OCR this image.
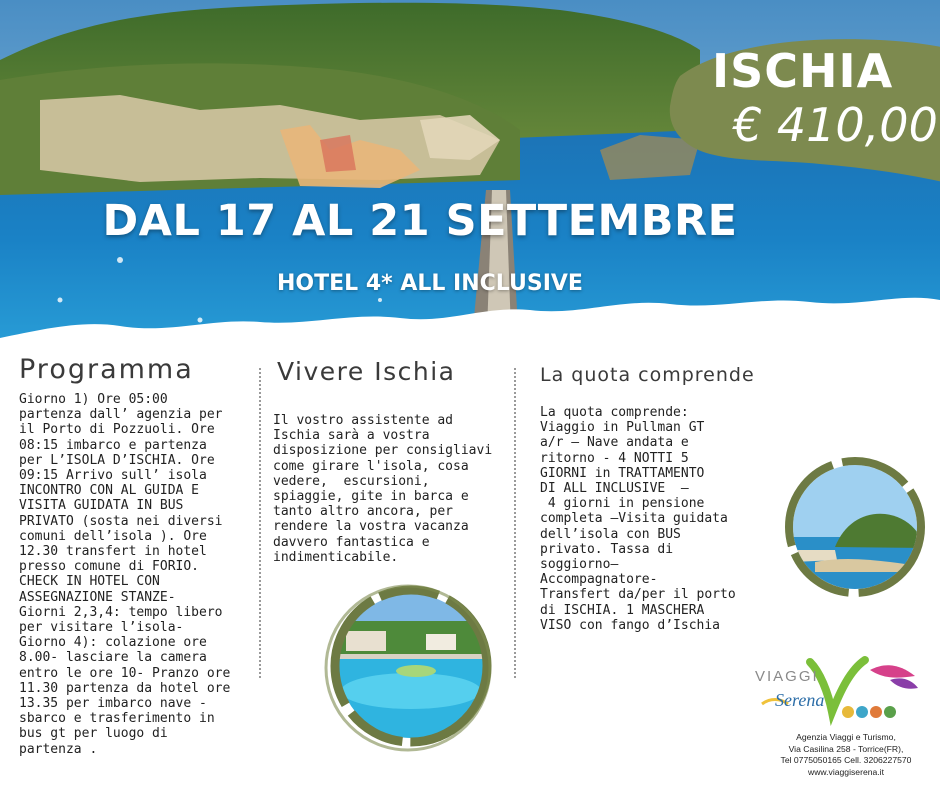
DAL 17 AL 21 SETTEMBRE
HOTEL 4* ALL INCLUSIVE
ISCHIA
€ 410,00
Programma	Vivere Ischia	La quota comprende
Giorno 1) Ore 05:00
partenza dall’ agenzia per
il Porto di Pozzuoli. Ore
08:15 imbarco e partenza
per L’ISOLA D’ISCHIA. Ore
09:15 Arrivo sull’ isola
INCONTRO CON AL GUIDA E
VISITA GUIDATA IN BUS
PRIVATO (sosta nei diversi
comuni dell’isola ). Ore
12.30 transfert in hotel
presso comune di FORIO.
CHECK IN HOTEL CON
ASSEGNAZIONE STANZE-
Giorni 2,3,4: tempo libero
per visitare l’isola-
Giorno 4): colazione ore
8.00- lasciare la camera
entro le ore 10- Pranzo ore
11.30 partenza da hotel ore
13.35 per imbarco nave -
sbarco e trasferimento in
bus gt per luogo di
partenza .
Il vostro assistente ad
Ischia sarà a vostra
disposizione per consigliavi
come girare l'isola, cosa
vedere,  escursioni,
spiaggie, gite in barca e
tanto altro ancora, per
rendere la vostra vacanza
davvero fantastica e
indimenticabile.
La quota comprende:
Viaggio in Pullman GT
a/r – Nave andata e
ritorno - 4 NOTTI 5
GIORNI in TRATTAMENTO
DI ALL INCLUSIVE  –
4 giorni in pensione
completa –Visita guidata
dell’isola con BUS
privato. Tassa di
soggiorno–
Accompagnatore-
Transfert da/per il porto
di ISCHIA. 1 MASCHERA
VISO con fango d’Ischia
VIAGGI
Serena
Agenzia Viaggi e Turismo,
Via Casilina 258 - Torrice(FR),
Tel 0775050165 Cell. 3206227570
www.viaggiserena.it
